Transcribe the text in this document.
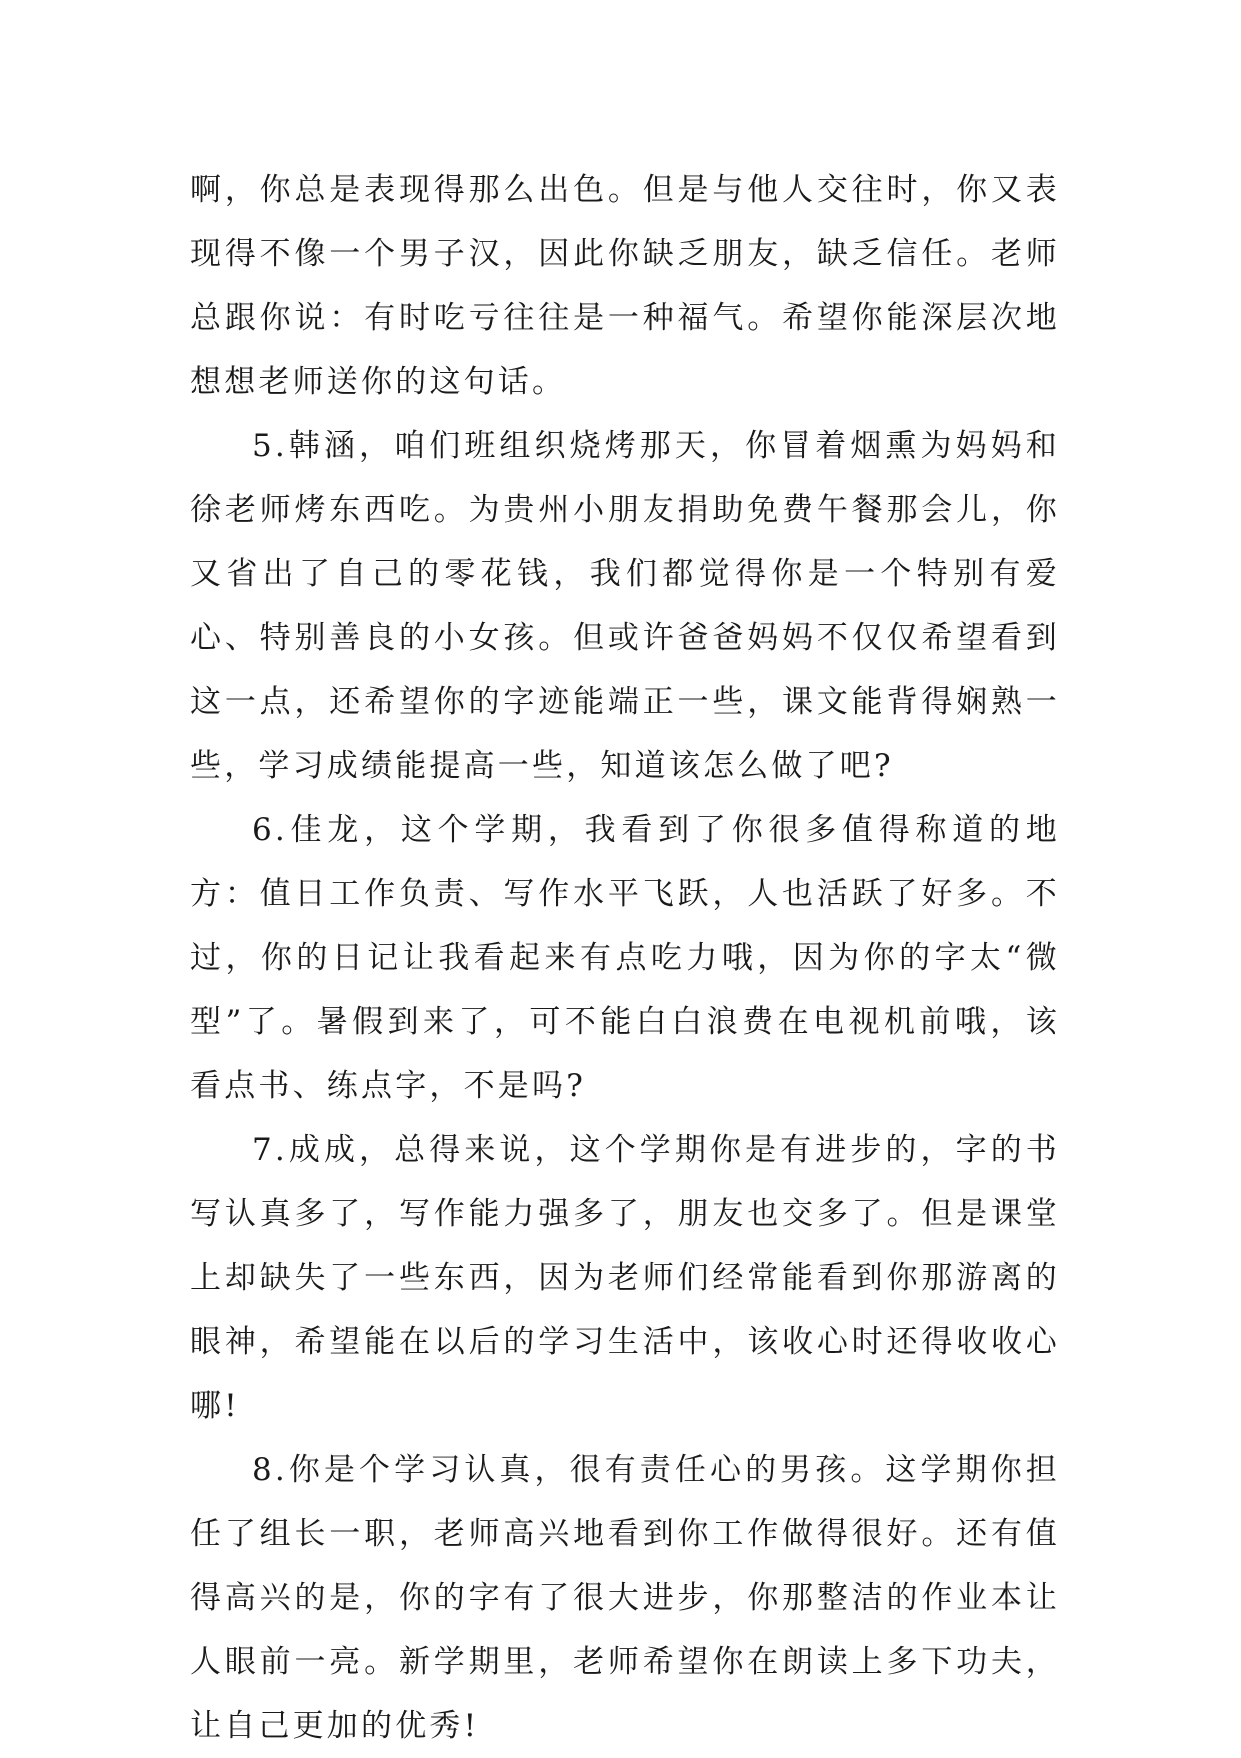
啊，你总是表现得那么出色。但是与他人交往时，你又表现得不像一个男子汉，因此你缺乏朋友，缺乏信任。老师总跟你说：有时吃亏往往是一种福气。希望你能深层次地想想老师送你的这句话。

5.韩涵，咱们班组织烧烤那天，你冒着烟熏为妈妈和徐老师烤东西吃。为贵州小朋友捐助免费午餐那会儿，你又省出了自己的零花钱，我们都觉得你是一个特别有爱心、特别善良的小女孩。但或许爸爸妈妈不仅仅希望看到这一点，还希望你的字迹能端正一些，课文能背得娴熟一些，学习成绩能提高一些，知道该怎么做了吧?

6.佳龙，这个学期，我看到了你很多值得称道的地方：值日工作负责、写作水平飞跃，人也活跃了好多。不过，你的日记让我看起来有点吃力哦，因为你的字太“微型”了。暑假到来了，可不能白白浪费在电视机前哦，该看点书、练点字，不是吗?

7.成成，总得来说，这个学期你是有进步的，字的书写认真多了，写作能力强多了，朋友也交多了。但是课堂上却缺失了一些东西，因为老师们经常能看到你那游离的眼神，希望能在以后的学习生活中，该收心时还得收收心哪!

8.你是个学习认真，很有责任心的男孩。这学期你担任了组长一职，老师高兴地看到你工作做得很好。还有值得高兴的是，你的字有了很大进步，你那整洁的作业本让人眼前一亮。新学期里，老师希望你在朗读上多下功夫，让自己更加的优秀!
